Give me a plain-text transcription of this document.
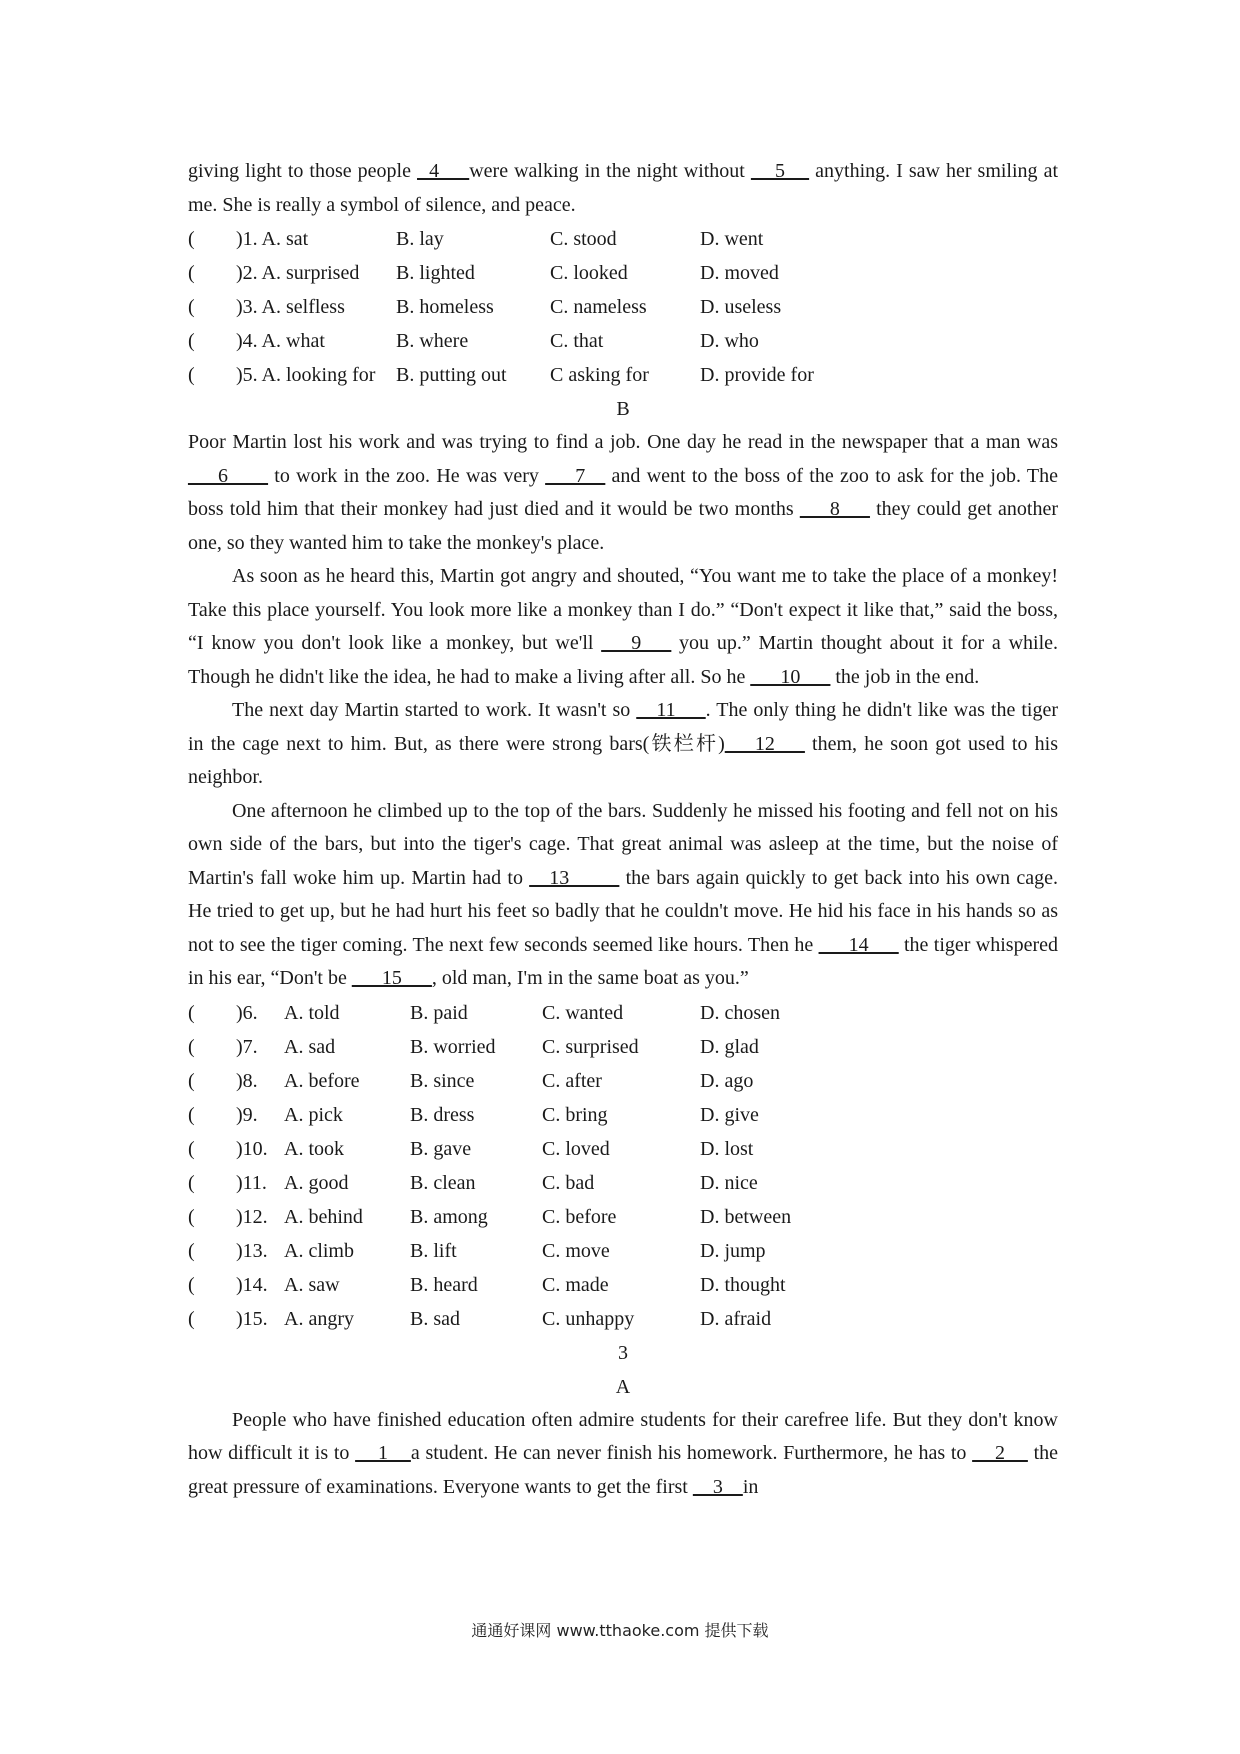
giving light to those people   4     were walking in the night without     5     anything. I saw her smiling at me. She is really a symbol of silence, and peace.

(	)1. A. sat	B. lay	C. stood	D. went
(	)2. A. surprised B. lighted	C. looked	D. moved
(	)3. A. selfless	B. homeless	C. nameless	D. useless
(	)4. A. what	B. where	C. that	D. who
(	)5. A. looking for B. putting out	C asking for	D. provide for

B

Poor Martin lost his work and was trying to find a job. One day he read in the newspaper that a man was ___6____ to work in the zoo. He was very ___7__ and went to the boss of the zoo to ask for the job. The boss told him that their monkey had just died and it would be two months ___8___ they could get another one, so they wanted him to take the monkey's place.

As soon as he heard this, Martin got angry and shouted, “You want me to take the place of a monkey! Take this place yourself. You look more like a monkey than I do.” “Don't expect it like that,” said the boss, “I know you don't look like a monkey, but we'll ___9___ you up.” Martin thought about it for a while. Though he didn't like the idea, he had to make a living after all. So he ___10___ the job in the end.

The next day Martin started to work. It wasn't so __11___. The only thing he didn't like was the tiger in the cage next to him. But, as there were strong bars(铁栏杆)___12___ them, he soon got used to his neighbor.

One afternoon he climbed up to the top of the bars. Suddenly he missed his footing and fell not on his own side of the bars, but into the tiger's cage. That great animal was asleep at the time, but the noise of Martin's fall woke him up. Martin had to __13_____ the bars again quickly to get back into his own cage. He tried to get up, but he had hurt his feet so badly that he couldn't move. He hid his face in his hands so as not to see the tiger coming. The next few seconds seemed like hours. Then he ___14___ the tiger whispered in his ear, “Don't be ___15___, old man, I'm in the same boat as you.”

(	)6.	A. told	B. paid	C. wanted	D. chosen
(	)7.	A. sad	B. worried	C. surprised	D. glad
(	)8.	A. before	B. since	C. after	D. ago
(	)9.	A. pick	B. dress	C. bring	D. give
(	)10. A. took	B. gave	C. loved	D. lost
(	)11. A. good	B. clean	C. bad	D. nice
(	)12. A. behind	B. among	C. before	D. between
(	)13. A. climb	B. lift	C. move	D. jump
(	)14. A. saw	B. heard	C. made	D. thought
(	)15. A. angry	B. sad	C. unhappy	D. afraid

3

A

People who have finished education often admire students for their carefree life. But they don't know how difficult it is to     1    a student. He can never finish his homework. Furthermore, he has to     2     the great pressure of examinations. Everyone wants to get the first     3    in

通通好课网 www.tthaoke.com 提供下载
